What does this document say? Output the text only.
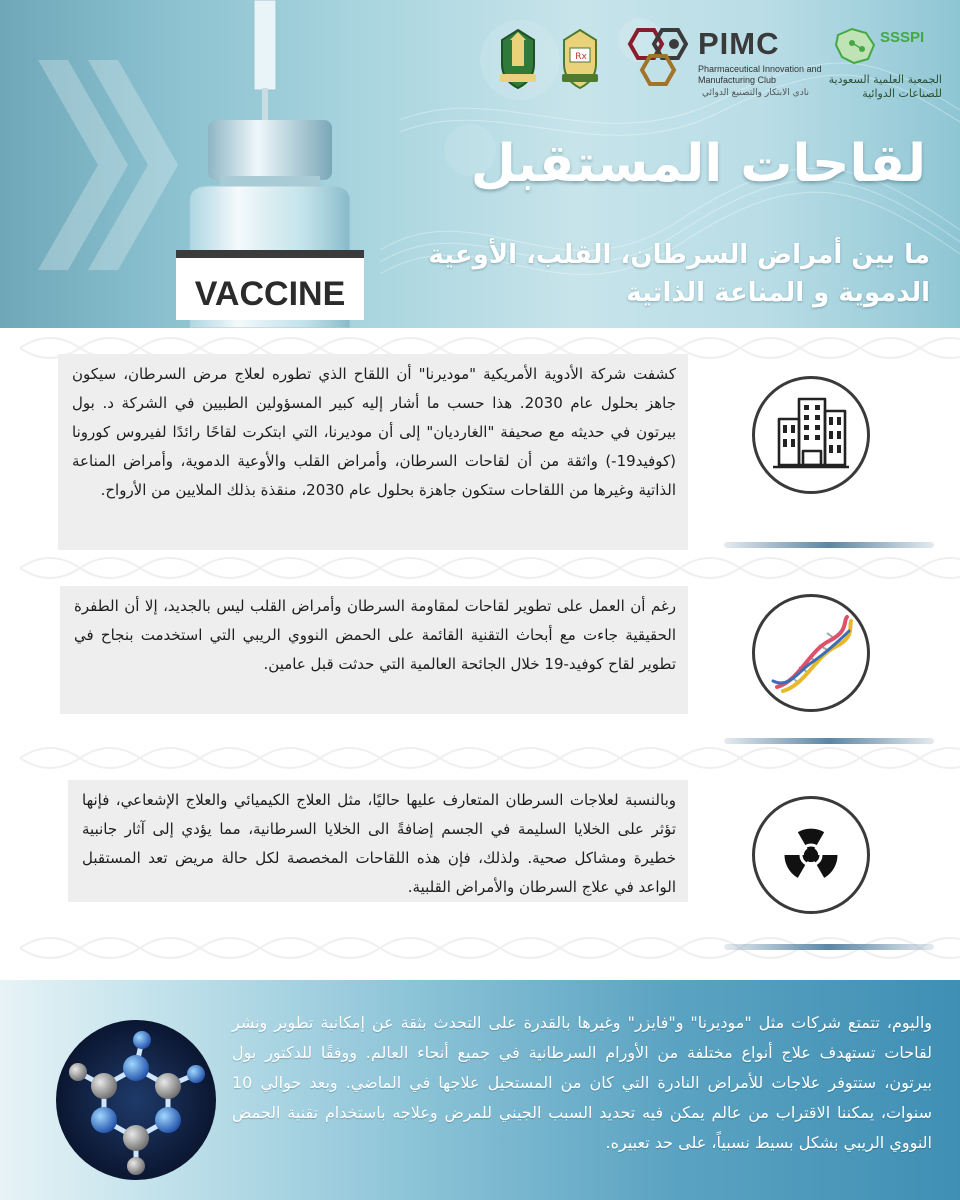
VACCINE
SSSPI
الجمعية العلمية السعودية
للصناعات الدوائية
PIMC
Pharmaceutical Innovation and
Manufacturing Club
نادي الابتكار والتصنيع الدوائي
Rx
لقاحات المستقبل
ما بين أمراض السرطان، القلب، الأوعية
الدموية و المناعة الذاتية
كشفت شركة الأدوية الأمريكية "موديرنا" أن اللقاح الذي تطوره لعلاج مرض السرطان، سيكون جاهز بحلول عام 2030. هذا حسب ما أشار إليه كبير المسؤولين الطبيين في الشركة د. بول بيرتون في حديثه مع صحيفة "الغارديان" إلى أن موديرنا، التي ابتكرت لقاحًا رائدًا لفيروس كورونا (كوفيد19-) واثقة من أن لقاحات السرطان، وأمراض القلب والأوعية الدموية، وأمراض المناعة الذاتية وغيرها من اللقاحات ستكون جاهزة بحلول عام 2030، منقذة بذلك الملايين من الأرواح.
رغم أن العمل على تطوير لقاحات لمقاومة السرطان وأمراض القلب ليس بالجديد، إلا أن الطفرة الحقيقية جاءت مع أبحاث التقنية القائمة على الحمض النووي الريبي التي استخدمت بنجاح في تطوير لقاح كوفيد-19 خلال الجائحة العالمية التي حدثت قبل عامين.
وبالنسبة لعلاجات السرطان المتعارف عليها حاليًا، مثل العلاج الكيميائي والعلاج الإشعاعي، فإنها تؤثر على الخلايا السليمة في الجسم إضافةً الى الخلايا السرطانية، مما يؤدي إلى آثار جانبية خطيرة ومشاكل صحية. ولذلك، فإن هذه اللقاحات المخصصة لكل حالة مريض تعد المستقبل الواعد في علاج السرطان والأمراض القلبية.
واليوم، تتمتع شركات مثل "موديرنا" و"فايزر" وغيرها بالقدرة على التحدث بثقة عن إمكانية تطوير ونشر لقاحات تستهدف علاج أنواع مختلفة من الأورام السرطانية في جميع أنحاء العالم. ووفقًا للدكتور بول بيرتون، ستتوفر علاجات للأمراض النادرة التي كان من المستحيل علاجها في الماضي. وبعد حوالي 10 سنوات، يمكننا الاقتراب من عالم يمكن فيه تحديد السبب الجيني للمرض وعلاجه باستخدام تقنية الحمض النووي الريبي بشكل بسيط نسبياً، على حد تعبيره.
